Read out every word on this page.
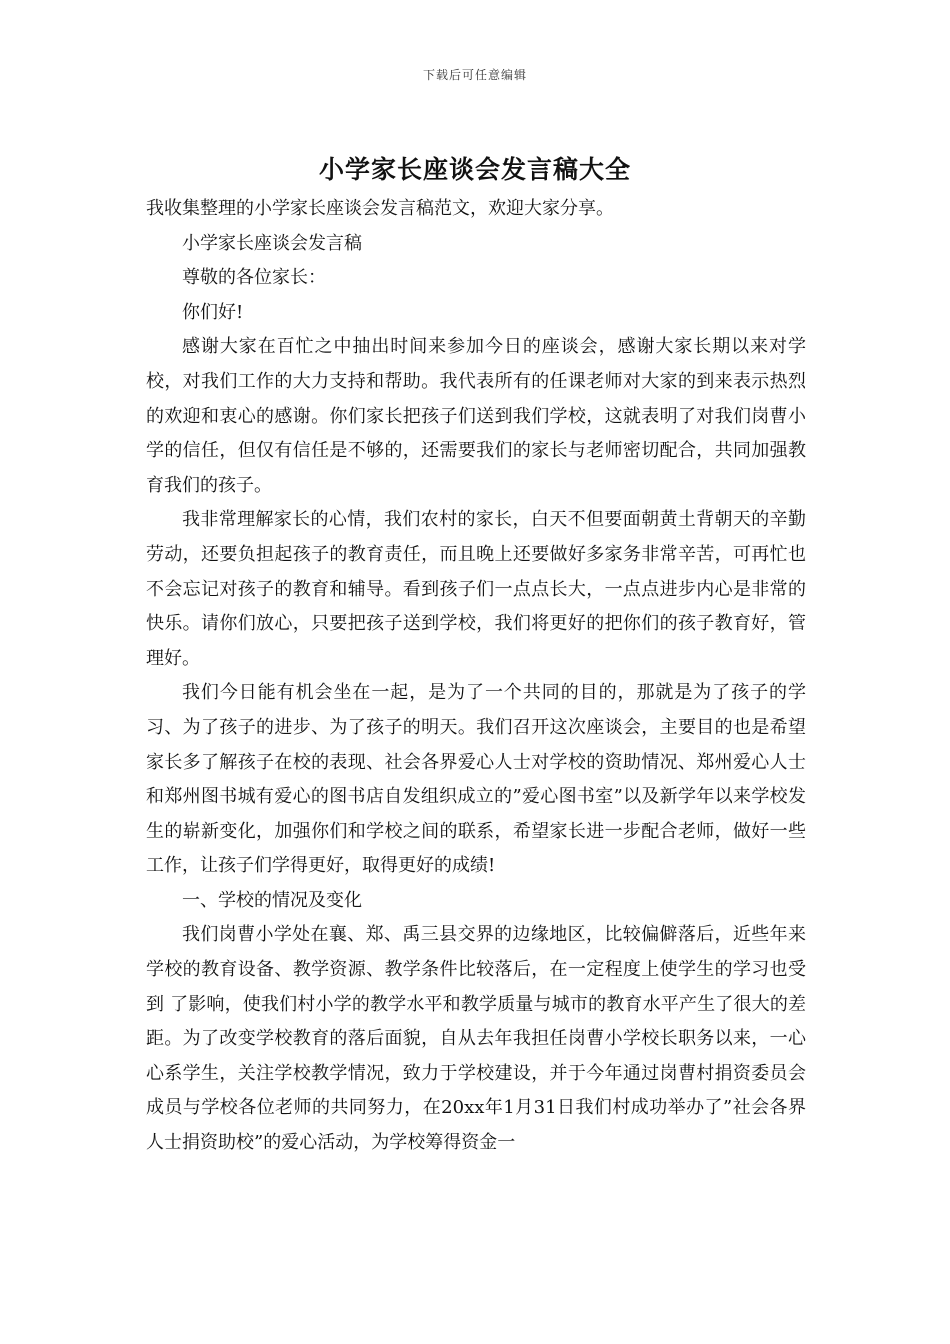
下载后可任意编辑
小学家长座谈会发言稿大全

我收集整理的小学家长座谈会发言稿范文，欢迎大家分享。

小学家长座谈会发言稿

尊敬的各位家长：

你们好!

感谢大家在百忙之中抽出时间来参加今日的座谈会，感谢大家长期以来对学校，对我们工作的大力支持和帮助。我代表所有的任课老师对大家的到来表示热烈的欢迎和衷心的感谢。你们家长把孩子们送到我们学校，这就表明了对我们岗曹小学的信任，但仅有信任是不够的，还需要我们的家长与老师密切配合，共同加强教育我们的孩子。

我非常理解家长的心情，我们农村的家长，白天不但要面朝黄土背朝天的辛勤劳动，还要负担起孩子的教育责任，而且晚上还要做好多家务非常辛苦，可再忙也不会忘记对孩子的教育和辅导。看到孩子们一点点长大，一点点进步内心是非常的快乐。请你们放心，只要把孩子送到学校，我们将更好的把你们的孩子教育好，管理好。

我们今日能有机会坐在一起，是为了一个共同的目的，那就是为了孩子的学习、为了孩子的进步、为了孩子的明天。我们召开这次座谈会，主要目的也是希望家长多了解孩子在校的表现、社会各界爱心人士对学校的资助情况、郑州爱心人士和郑州图书城有爱心的图书店自发组织成立的”爱心图书室”以及新学年以来学校发生的崭新变化，加强你们和学校之间的联系，希望家长进一步配合老师，做好一些工作，让孩子们学得更好，取得更好的成绩!

一、学校的情况及变化

我们岗曹小学处在襄、郑、禹三县交界的边缘地区，比较偏僻落后，近些年来学校的教育设备、教学资源、教学条件比较落后，在一定程度上使学生的学习也受到 了影响，使我们村小学的教学水平和教学质量与城市的教育水平产生了很大的差距。为了改变学校教育的落后面貌，自从去年我担任岗曹小学校长职务以来，一心心系学生，关注学校教学情况，致力于学校建设，并于今年通过岗曹村捐资委员会成员与学校各位老师的共同努力，在20xx年1月31日我们村成功举办了”社会各界人士捐资助校”的爱心活动，为学校筹得资金一
